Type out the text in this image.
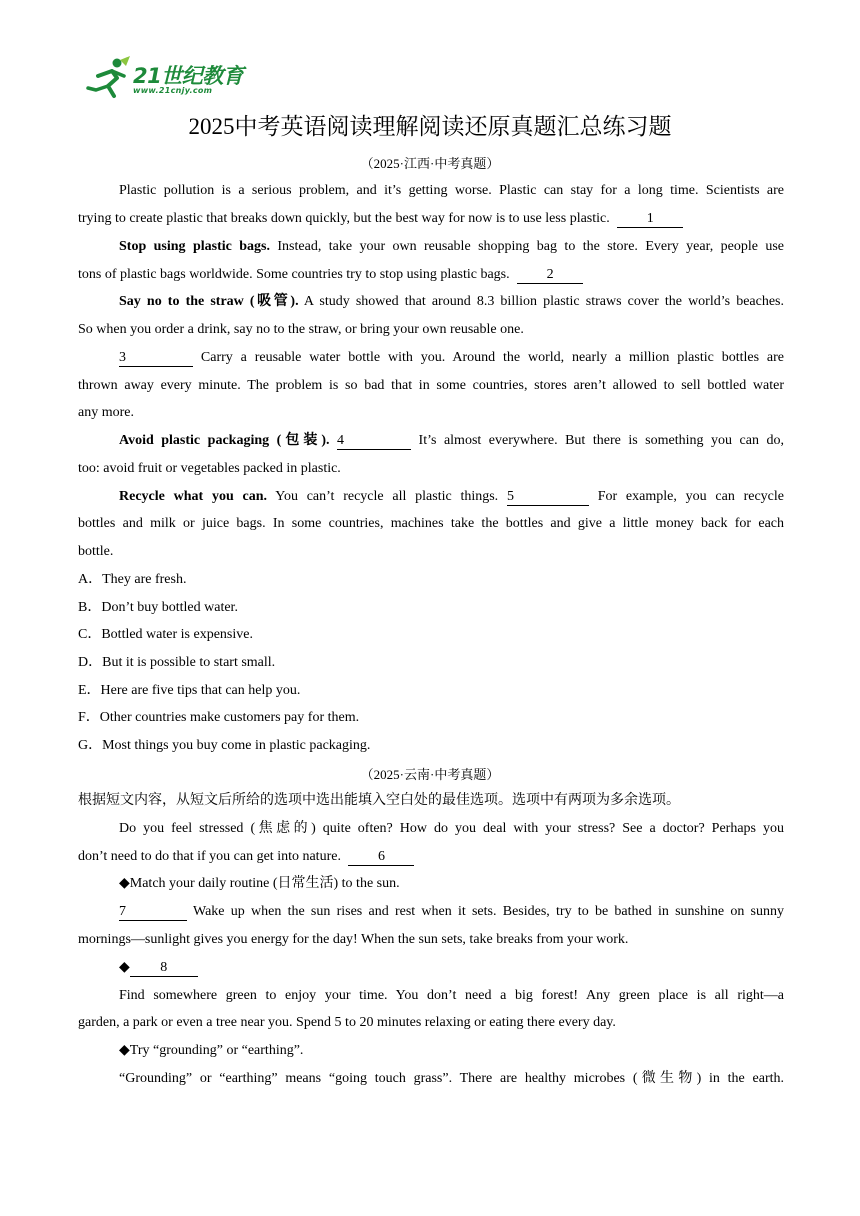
21世纪教育
www.21cnjy.com
2025中考英语阅读理解阅读还原真题汇总练习题
（2025·江西·中考真题）
Plastic pollution is a serious problem, and it’s getting worse. Plastic can stay for a long time. Scientists are
trying to create plastic that breaks down quickly, but the best way for now is to use less plastic.	1
Stop using plastic bags. Instead, take your own reusable shopping bag to the store. Every year, people use
tons of plastic bags worldwide. Some countries try to stop using plastic bags.	2
Say no to the straw (吸管). A study showed that around 8.3 billion plastic straws cover the world’s beaches.
So when you order a drink, say no to the straw, or bring your own reusable one.
3	Carry a reusable water bottle with you. Around the world, nearly a million plastic bottles are
thrown away every minute. The problem is so bad that in some countries, stores aren’t allowed to sell bottled water
any more.
Avoid plastic packaging (包装). 4	It’s almost everywhere. But there is something you can do,
too: avoid fruit or vegetables packed in plastic.
Recycle what you can. You can’t recycle all plastic things. 5	For example, you can recycle
bottles and milk or juice bags. In some countries, machines take the bottles and give a little money back for each
bottle.
A．They are fresh.
B．Don’t buy bottled water.
C．Bottled water is expensive.
D．But it is possible to start small.
E．Here are five tips that can help you.
F．Other countries make customers pay for them.
G．Most things you buy come in plastic packaging.
（2025·云南·中考真题）
根据短文内容，从短文后所给的选项中选出能填入空白处的最佳选项。选项中有两项为多余选项。
Do you feel stressed (焦虑的) quite often? How do you deal with your stress? See a doctor? Perhaps you
don’t need to do that if you can get into nature.	6
◆Match your daily routine (日常生活) to the sun.
7	Wake up when the sun rises and rest when it sets. Besides, try to be bathed in sunshine on sunny
mornings—sunlight gives you energy for the day! When the sun sets, take breaks from your work.
◆ 8
Find somewhere green to enjoy your time. You don’t need a big forest! Any green place is all right—a
garden, a park or even a tree near you. Spend 5 to 20 minutes relaxing or eating there every day.
◆Try “grounding” or “earthing”.
“Grounding” or “earthing” means “going touch grass”. There are healthy microbes (微生物) in the earth.
